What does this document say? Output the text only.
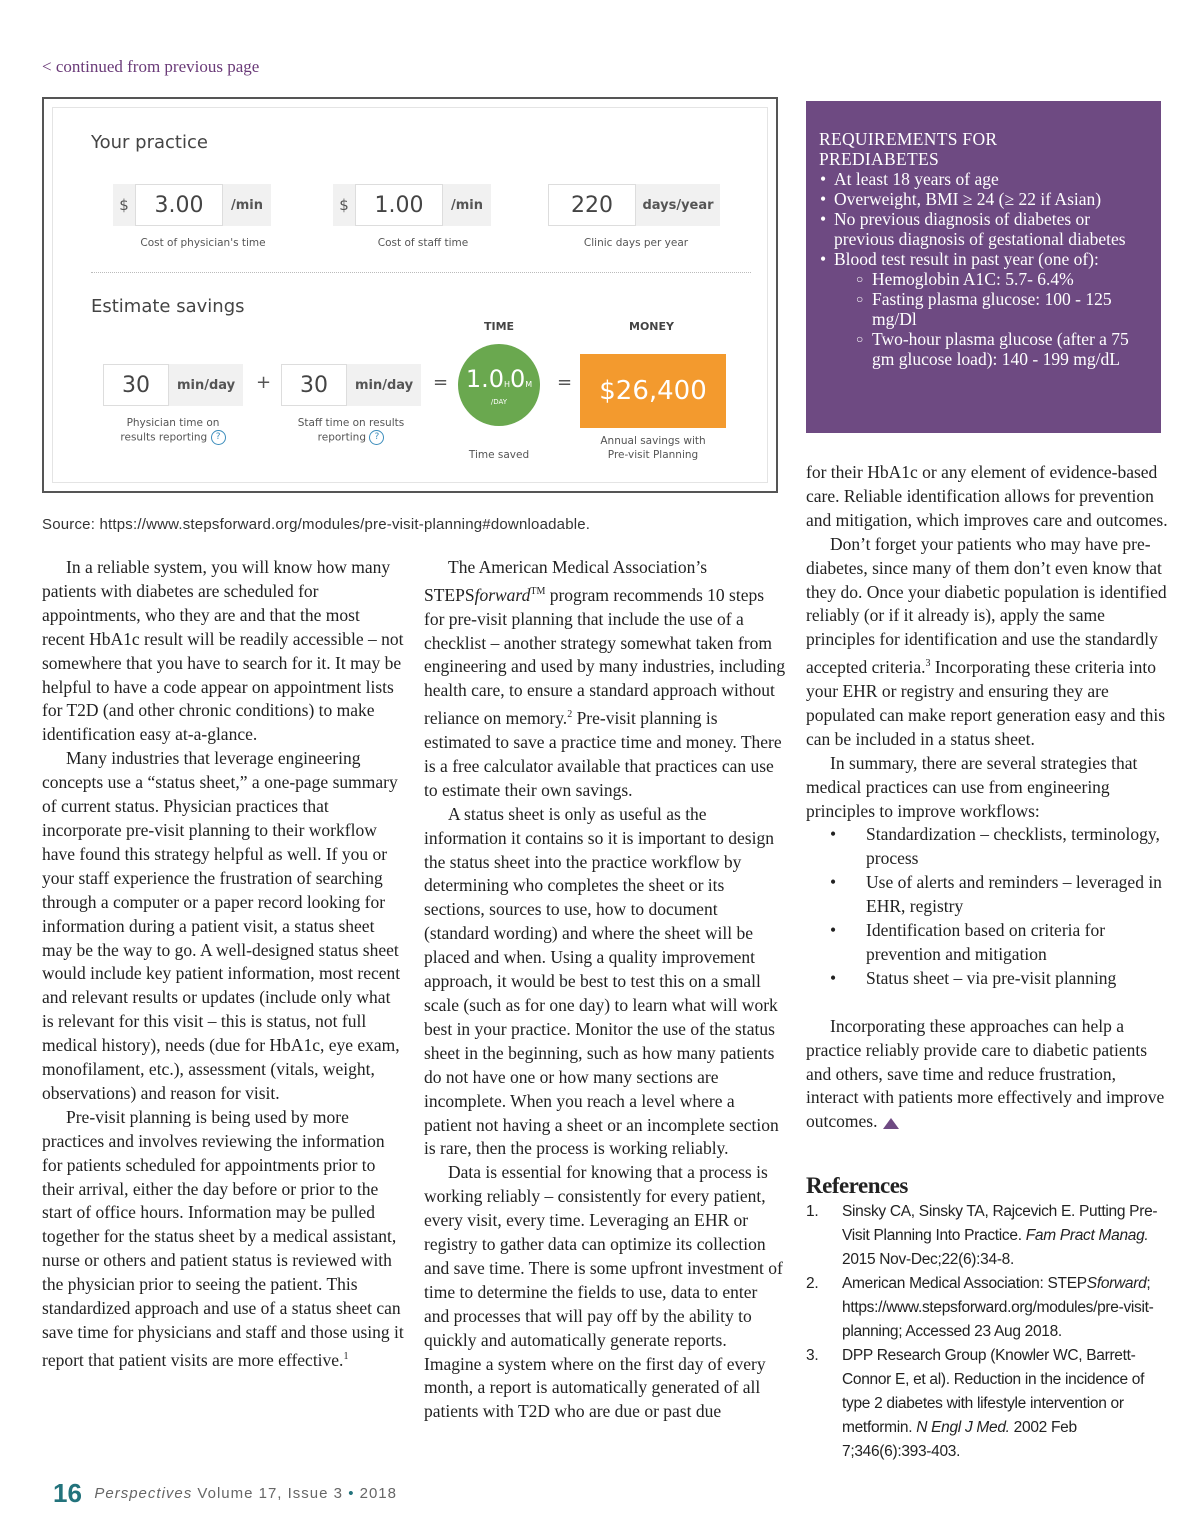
< continued from previous page
Your practice
$	3.00	/min
Cost of physician's time
$	1.00	/min
Cost of staff time
220	days/year
Clinic days per year
Estimate savings
TIME	MONEY
30	min/day
Physician time on
results reporting ?
+	30	min/day
Staff time on results
reporting ?
= 1.0H0M
/DAY
Time saved
=	$26,400
Annual savings with
Pre-visit Planning
Source: https://www.stepsforward.org/modules/pre-visit-planning#downloadable.
REQUIREMENTS FOR
PREDIABETES
• At least 18 years of age
• Overweight, BMI ≥ 24 (≥ 22 if Asian)
• No previous diagnosis of diabetes or previous diagnosis of gestational diabetes
• Blood test result in past year (one of):
○ Hemoglobin A1C: 5.7- 6.4%
○ Fasting plasma glucose: 100 - 125 mg/Dl
○ Two-hour plasma glucose (after a 75 gm glucose load): 140 - 199 mg/dL

In a reliable system, you will know how many patients with diabetes are scheduled for appointments, who they are and that the most recent HbA1c result will be readily accessible – not somewhere that you have to search for it. It may be helpful to have a code appear on appointment lists for T2D (and other chronic conditions) to make identification easy at-a-glance.

Many industries that leverage engineering concepts use a “status sheet,” a one-page summary of current status. Physician practices that incorporate pre-visit planning to their workflow have found this strategy helpful as well. If you or your staff experience the frustration of searching through a computer or a paper record looking for information during a patient visit, a status sheet may be the way to go. A well-designed status sheet would include key patient information, most recent and relevant results or updates (include only what is relevant for this visit – this is status, not full medical history), needs (due for HbA1c, eye exam, monofilament, etc.), assessment (vitals, weight, observations) and reason for visit.

Pre-visit planning is being used by more practices and involves reviewing the information for patients scheduled for appointments prior to their arrival, either the day before or prior to the start of office hours. Information may be pulled together for the status sheet by a medical assistant, nurse or others and patient status is reviewed with the physician prior to seeing the patient. This standardized approach and use of a status sheet can save time for physicians and staff and those using it report that patient visits are more effective.$^1$

The American Medical Association’s STEPSforward™ program recommends 10 steps for pre-visit planning that include the use of a checklist – another strategy somewhat taken from engineering and used by many industries, including health care, to ensure a standard approach without reliance on memory.$^2$ Pre-visit planning is estimated to save a practice time and money. There is a free calculator available that practices can use to estimate their own savings.

A status sheet is only as useful as the information it contains so it is important to design the status sheet into the practice workflow by determining who completes the sheet or its sections, sources to use, how to document (standard wording) and where the sheet will be placed and when. Using a quality improvement approach, it would be best to test this on a small scale (such as for one day) to learn what will work best in your practice. Monitor the use of the status sheet in the beginning, such as how many patients do not have one or how many sections are incomplete. When you reach a level where a patient not having a sheet or an incomplete section is rare, then the process is working reliably.

Data is essential for knowing that a process is working reliably – consistently for every patient, every visit, every time. Leveraging an EHR or registry to gather data can optimize its collection and save time. There is some upfront investment of time to determine the fields to use, data to enter and processes that will pay off by the ability to quickly and automatically generate reports. Imagine a system where on the first day of every month, a report is automatically generated of all patients with T2D who are due or past due

for their HbA1c or any element of evidence-based care. Reliable identification allows for prevention and mitigation, which improves care and outcomes.

Don’t forget your patients who may have pre-diabetes, since many of them don’t even know that they do. Once your diabetic population is identified reliably (or if it already is), apply the same principles for identification and use the standardly accepted criteria.$^3$ Incorporating these criteria into your EHR or registry and ensuring they are populated can make report generation easy and this can be included in a status sheet.

In summary, there are several strategies that medical practices can use from engineering principles to improve workflows:

• Standardization – checklists, terminology, process
• Use of alerts and reminders – leveraged in EHR, registry
• Identification based on criteria for prevention and mitigation
• Status sheet – via pre-visit planning

Incorporating these approaches can help a practice reliably provide care to diabetic patients and others, save time and reduce frustration, interact with patients more effectively and improve outcomes.

References
1. Sinsky CA, Sinsky TA, Rajcevich E. Putting Pre-Visit Planning Into Practice. Fam Pract Manag. 2015 Nov-Dec;22(6):34-8.
2. American Medical Association: STEPSforward; https://www.stepsforward.org/modules/pre-visit-planning; Accessed 23 Aug 2018.
3. DPP Research Group (Knowler WC, Barrett-Connor E, et al). Reduction in the incidence of type 2 diabetes with lifestyle intervention or metformin. N Engl J Med. 2002 Feb 7;346(6):393-403.
16 Perspectives Volume 17, Issue 3 • 2018
